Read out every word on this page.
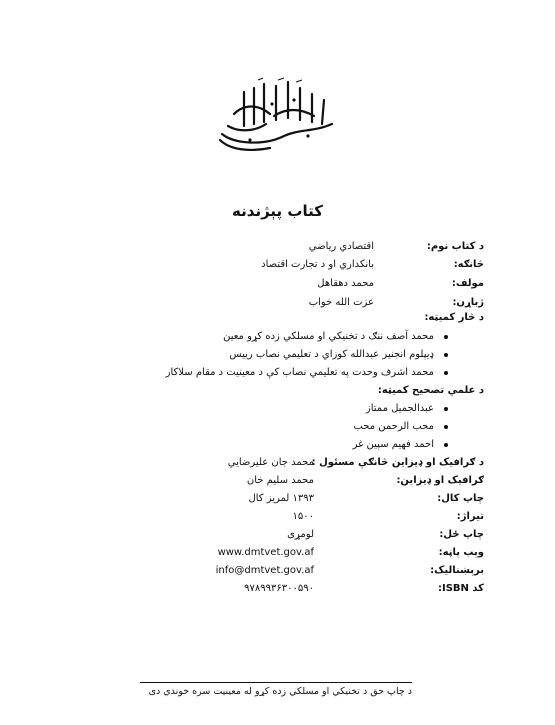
کتاب پېژندنه
د کتاب نوم:
اقتصادي رياضي
څانګه:
بانکداري او د تجارت اقتصاد
مولف:
محمد دهقاهل
ژباړن:
عزت الله خواب
د څار کميټه:
محمد آصف ننګ د تخنيکي او مسلکي زده کړو معين
ډيپلوم انجنير عبدالله کوزاي د تعليمي نصاب رييس
محمد اشرف وحدت په تعليمي نصاب کې د معينيت د مقام سلاکار
د علمي تصحيح کميټه:
عبدالجميل ممتاز
محب الرحمن محب
احمد فهيم سپين غر
د ګرافيک او ډيزاين څانګې مسئول :
محمد جان عليرضايي
ګرافيک او ډيزاين:
محمد سليم خان
چاپ کال:
۱۳۹۳ لمريز کال
تيراژ:
۱۵۰۰
چاپ ځل:
لومړی
وېب پاڼه:
www.dmtvet.gov.af
برېښناليک:
info@dmtvet.gov.af
کد ISBN:
۹۷۸۹۹۳۶۳۰۰۵۹۰
د چاپ حق د تخنيکي او مسلکي زده کړو له معينيت سره خوندي دی
